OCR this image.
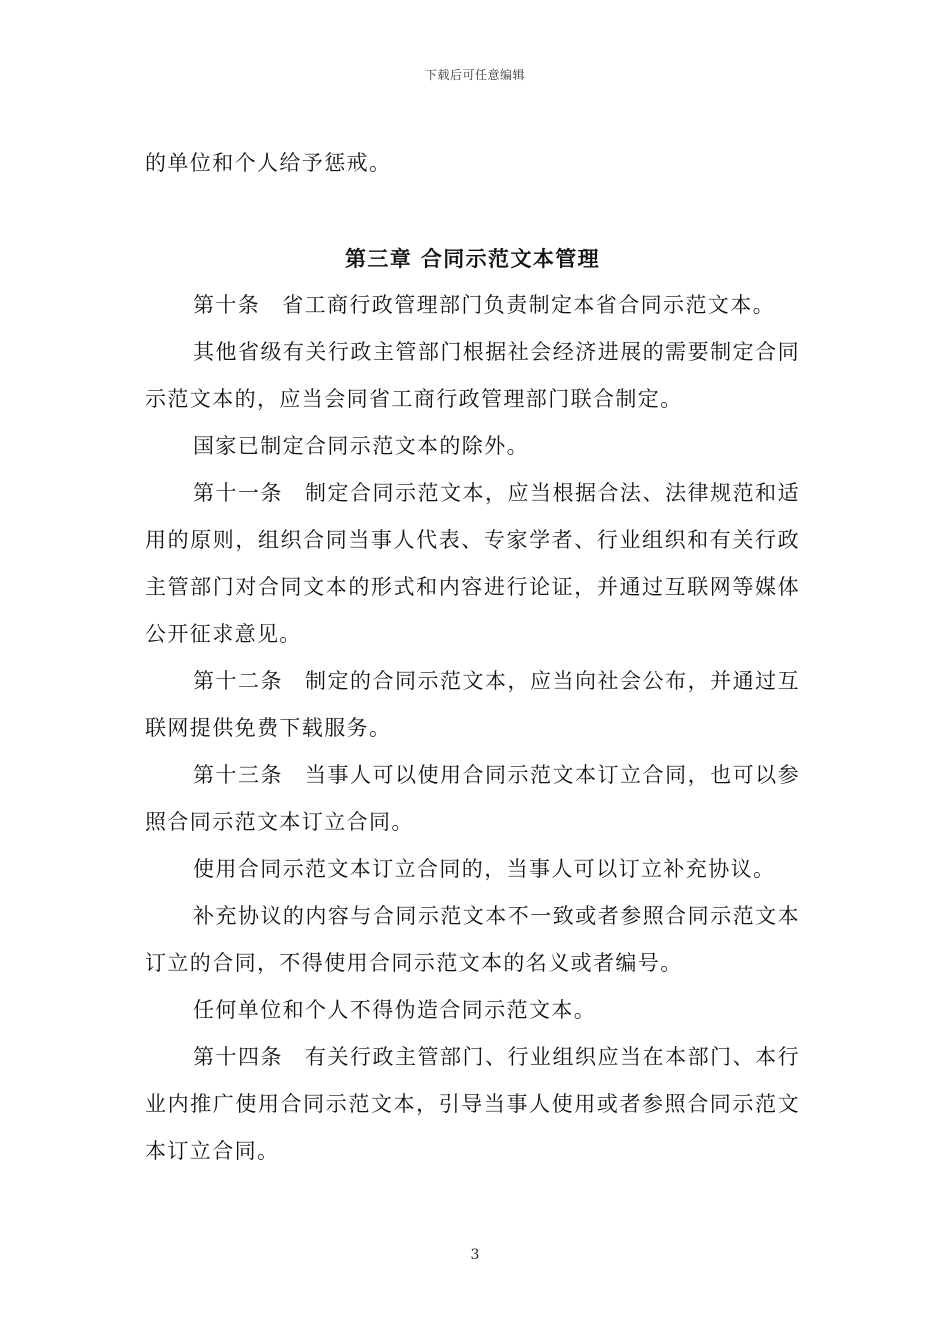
下载后可任意编辑

的单位和个人给予惩戒。

第三章 合同示范文本管理

第十条 省工商行政管理部门负责制定本省合同示范文本。

其他省级有关行政主管部门根据社会经济进展的需要制定合同示范文本的，应当会同省工商行政管理部门联合制定。

国家已制定合同示范文本的除外。

第十一条 制定合同示范文本，应当根据合法、法律规范和适用的原则，组织合同当事人代表、专家学者、行业组织和有关行政主管部门对合同文本的形式和内容进行论证，并通过互联网等媒体公开征求意见。

第十二条 制定的合同示范文本，应当向社会公布，并通过互联网提供免费下载服务。

第十三条 当事人可以使用合同示范文本订立合同，也可以参照合同示范文本订立合同。

使用合同示范文本订立合同的，当事人可以订立补充协议。

补充协议的内容与合同示范文本不一致或者参照合同示范文本订立的合同，不得使用合同示范文本的名义或者编号。

任何单位和个人不得伪造合同示范文本。

第十四条 有关行政主管部门、行业组织应当在本部门、本行业内推广使用合同示范文本，引导当事人使用或者参照合同示范文本订立合同。

3
